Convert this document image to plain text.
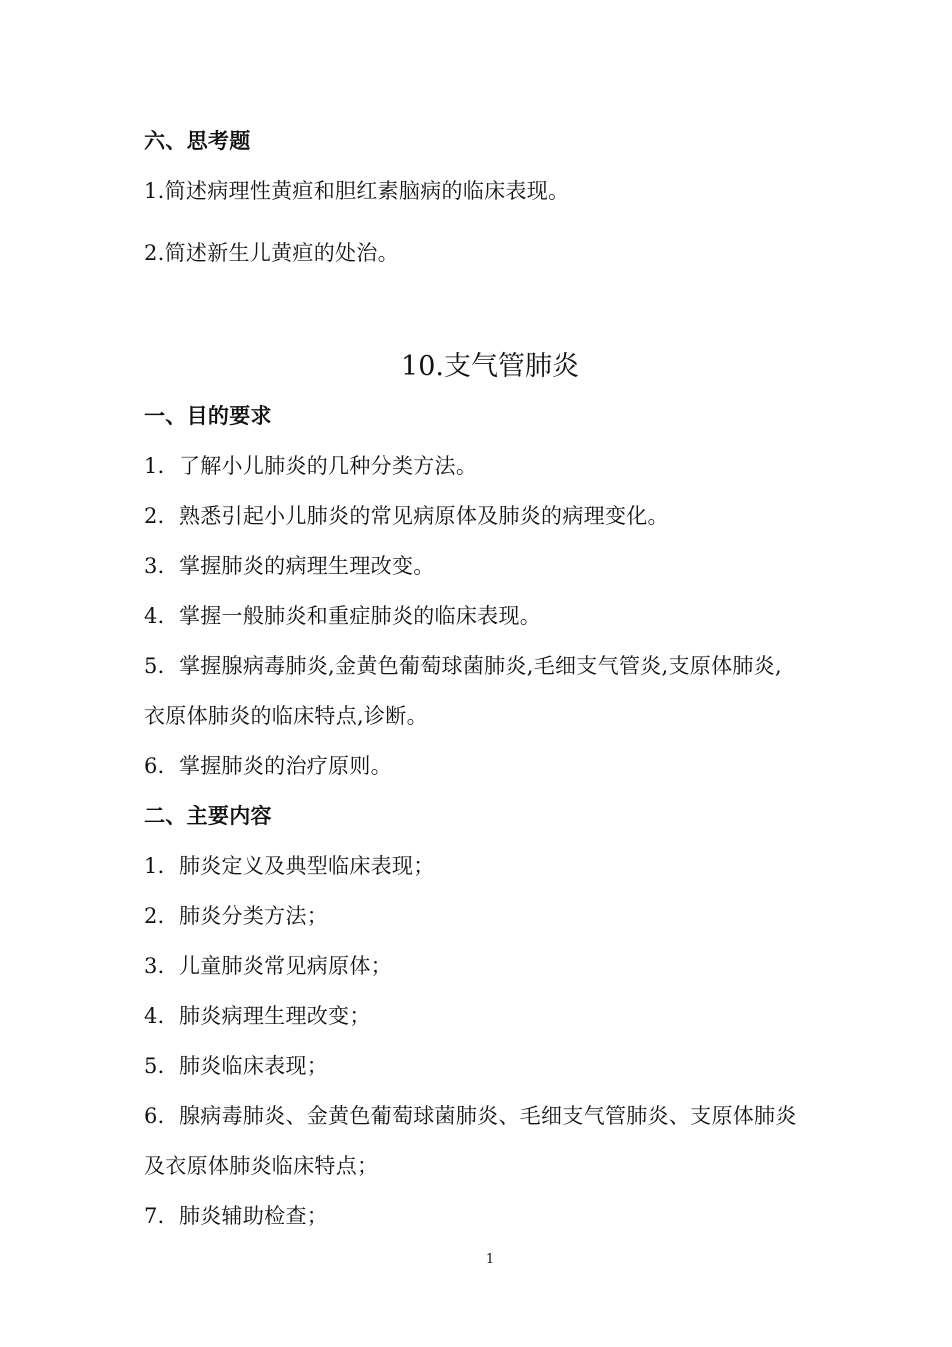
六、思考题
1.简述病理性黄疸和胆红素脑病的临床表现。
2.简述新生儿黄疸的处治。
10.支气管肺炎
一、目的要求
1．了解小儿肺炎的几种分类方法。
2．熟悉引起小儿肺炎的常见病原体及肺炎的病理变化。
3．掌握肺炎的病理生理改变。
4．掌握一般肺炎和重症肺炎的临床表现。
5．掌握腺病毒肺炎,金黄色葡萄球菌肺炎,毛细支气管炎,支原体肺炎,
衣原体肺炎的临床特点,诊断。
6．掌握肺炎的治疗原则。
二、主要内容
1．肺炎定义及典型临床表现；
2．肺炎分类方法；
3．儿童肺炎常见病原体；
4．肺炎病理生理改变；
5．肺炎临床表现；
6．腺病毒肺炎、金黄色葡萄球菌肺炎、毛细支气管肺炎、支原体肺炎
及衣原体肺炎临床特点；
7．肺炎辅助检查；
1
